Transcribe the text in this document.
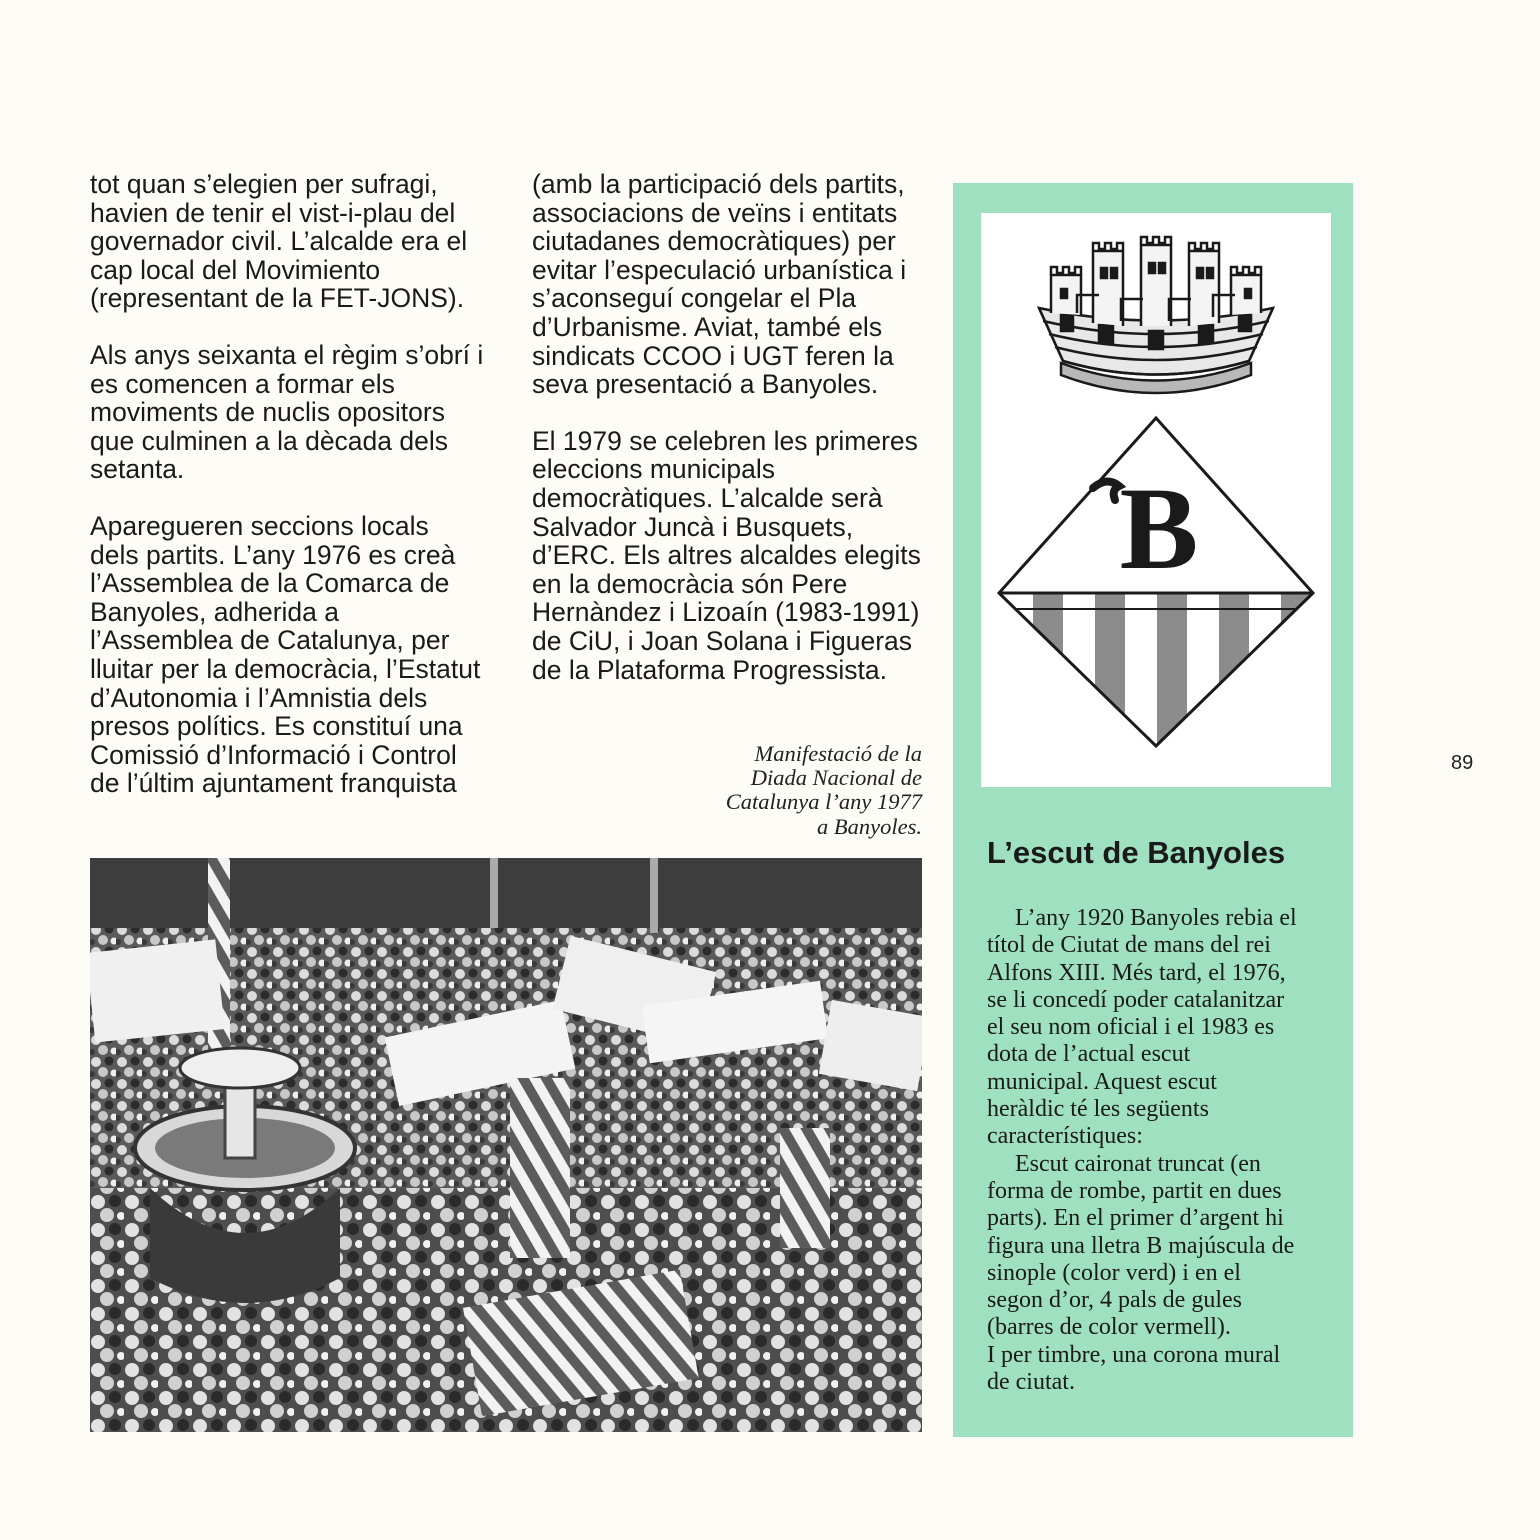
tot quan s’elegien per sufragi,
havien de tenir el vist-i-plau del
governador civil. L’alcalde era el
cap local del Movimiento
(representant de la FET-JONS).

Als anys seixanta el règim s’obrí i
es comencen a formar els
moviments de nuclis opositors
que culminen a la dècada dels
setanta.

Aparegueren seccions locals
dels partits. L’any 1976 es creà
l’Assemblea de la Comarca de
Banyoles, adherida a
l’Assemblea de Catalunya, per
lluitar per la democràcia, l’Estatut
d’Autonomia i l’Amnistia dels
presos polítics. Es constituí una
Comissió d’Informació i Control
de l’últim ajuntament franquista

(amb la participació dels partits,
associacions de veïns i entitats
ciutadanes democràtiques) per
evitar l’especulació urbanística i
s’aconseguí congelar el Pla
d’Urbanisme. Aviat, també els
sindicats CCOO i UGT feren la
seva presentació a Banyoles.

El 1979 se celebren les primeres
eleccions municipals
democràtiques. L’alcalde serà
Salvador Juncà i Busquets,
d’ERC. Els altres alcaldes elegits
en la democràcia són Pere
Hernàndez i Lizoaín (1983-1991)
de CiU, i Joan Solana i Figueras
de la Plataforma Progressista.

Manifestació de la
Diada Nacional de
Catalunya l’any 1977
a Banyoles.
B
L’escut de Banyoles

L’any 1920 Banyoles rebia el
títol de Ciutat de mans del rei
Alfons XIII. Més tard, el 1976,
se li concedí poder catalanitzar
el seu nom oficial i el 1983 es
dota de l’actual escut
municipal. Aquest escut
heràldic té les següents
característiques:

Escut caironat truncat (en
forma de rombe, partit en dues
parts). En el primer d’argent hi
figura una lletra B majúscula de
sinople (color verd) i en el
segon d’or, 4 pals de gules
(barres de color vermell).

I per timbre, una corona mural
de ciutat.

89
